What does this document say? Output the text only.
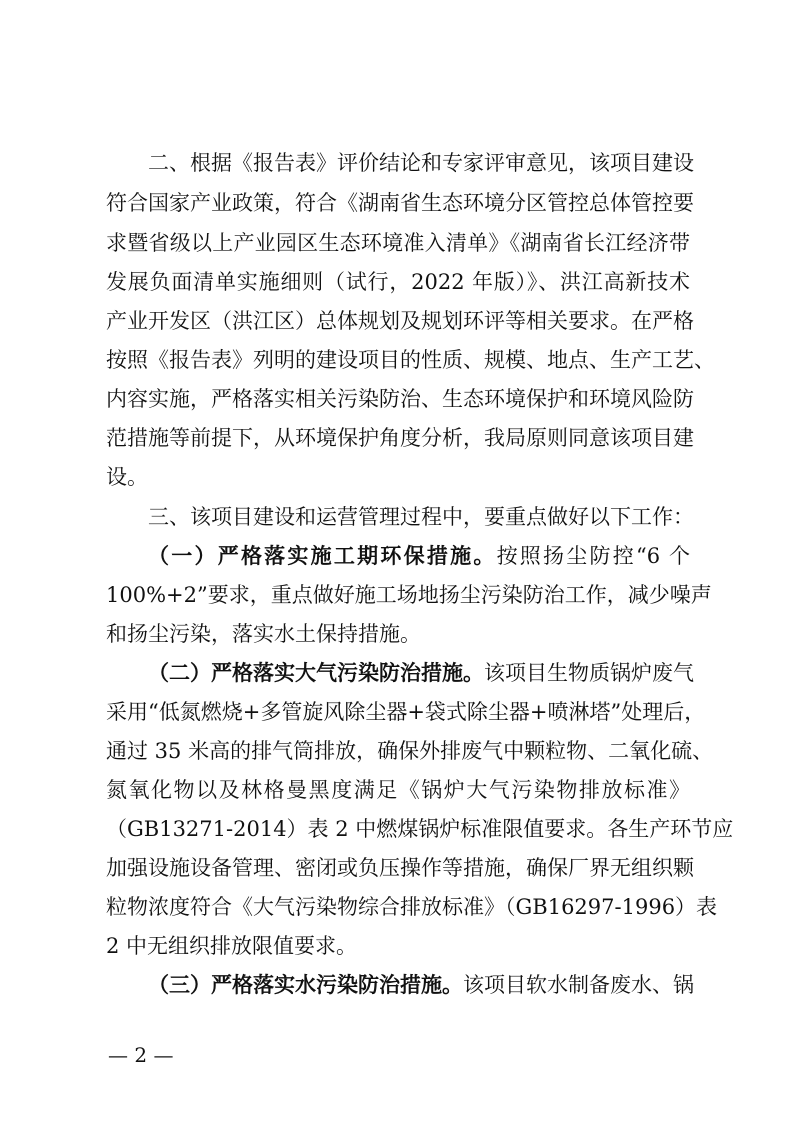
二、根据《报告表》评价结论和专家评审意见，该项目建设
符合国家产业政策，符合《湖南省生态环境分区管控总体管控要
求暨省级以上产业园区生态环境准入清单》《湖南省长江经济带
发展负面清单实施细则（试行，2022 年版）》、洪江高新技术
产业开发区（洪江区）总体规划及规划环评等相关要求。在严格
按照《报告表》列明的建设项目的性质、规模、地点、生产工艺、
内容实施，严格落实相关污染防治、生态环境保护和环境风险防
范措施等前提下，从环境保护角度分析，我局原则同意该项目建
设。
三、该项目建设和运营管理过程中，要重点做好以下工作：
（一）严格落实施工期环保措施。按照扬尘防控“6 个
100%+2”要求，重点做好施工场地扬尘污染防治工作，减少噪声
和扬尘污染，落实水土保持措施。
（二）严格落实大气污染防治措施。该项目生物质锅炉废气
采用“低氮燃烧+多管旋风除尘器+袋式除尘器+喷淋塔”处理后，
通过 35 米高的排气筒排放，确保外排废气中颗粒物、二氧化硫、
氮氧化物以及林格曼黑度满足《锅炉大气污染物排放标准》
（GB13271-2014）表 2 中燃煤锅炉标准限值要求。各生产环节应
加强设施设备管理、密闭或负压操作等措施，确保厂界无组织颗
粒物浓度符合《大气污染物综合排放标准》（GB16297-1996）表
2 中无组织排放限值要求。
（三）严格落实水污染防治措施。该项目软水制备废水、锅
— 2 —
